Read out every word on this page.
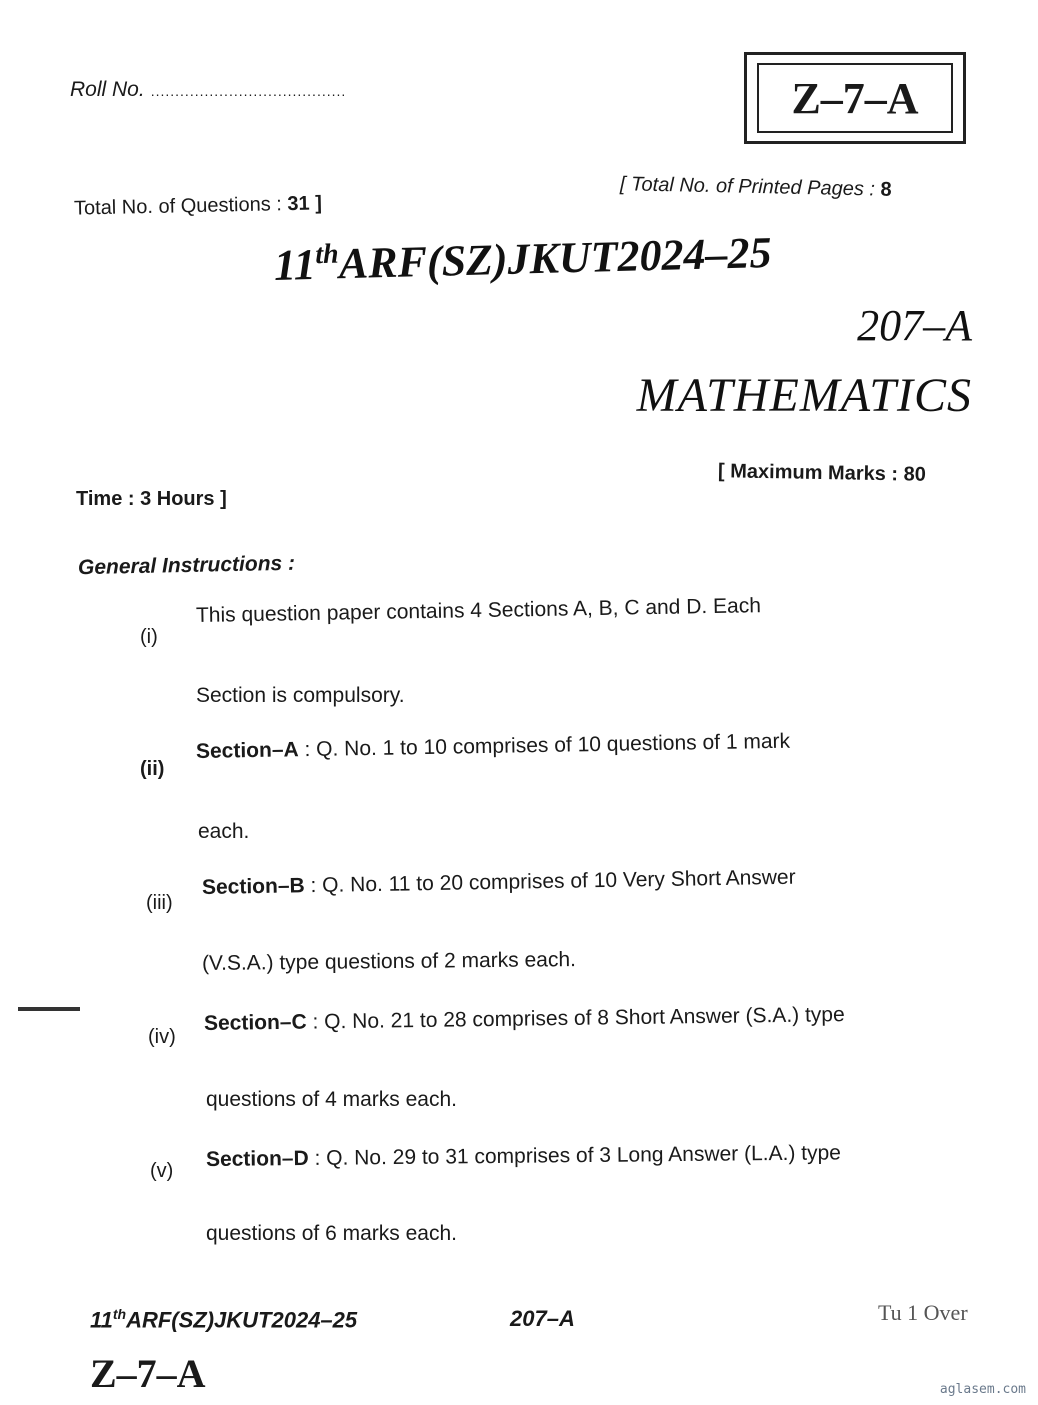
Roll No. ........................................	Z–7–A
Total No. of Questions : 31 ]
[ Total No. of Printed Pages : 8
11thARF(SZ)JKUT2024–25
207–A
MATHEMATICS
[ Maximum Marks : 80
Time : 3 Hours ]
General Instructions :
(i)
This question paper contains 4 Sections A, B, C and D. Each
Section is compulsory.
(ii)
Section–A : Q. No. 1 to 10 comprises of 10 questions of 1 mark
each.
(iii)
Section–B : Q. No. 11 to 20 comprises of 10 Very Short Answer
(V.S.A.) type questions of 2 marks each.
(iv)
Section–C : Q. No. 21 to 28 comprises of 8 Short Answer (S.A.) type
questions of 4 marks each.
(v)
Section–D : Q. No. 29 to 31 comprises of 3 Long Answer (L.A.) type
questions of 6 marks each.
11thARF(SZ)JKUT2024–25	207–A	Tu 1 Over
Z–7–A	aglasem.com
